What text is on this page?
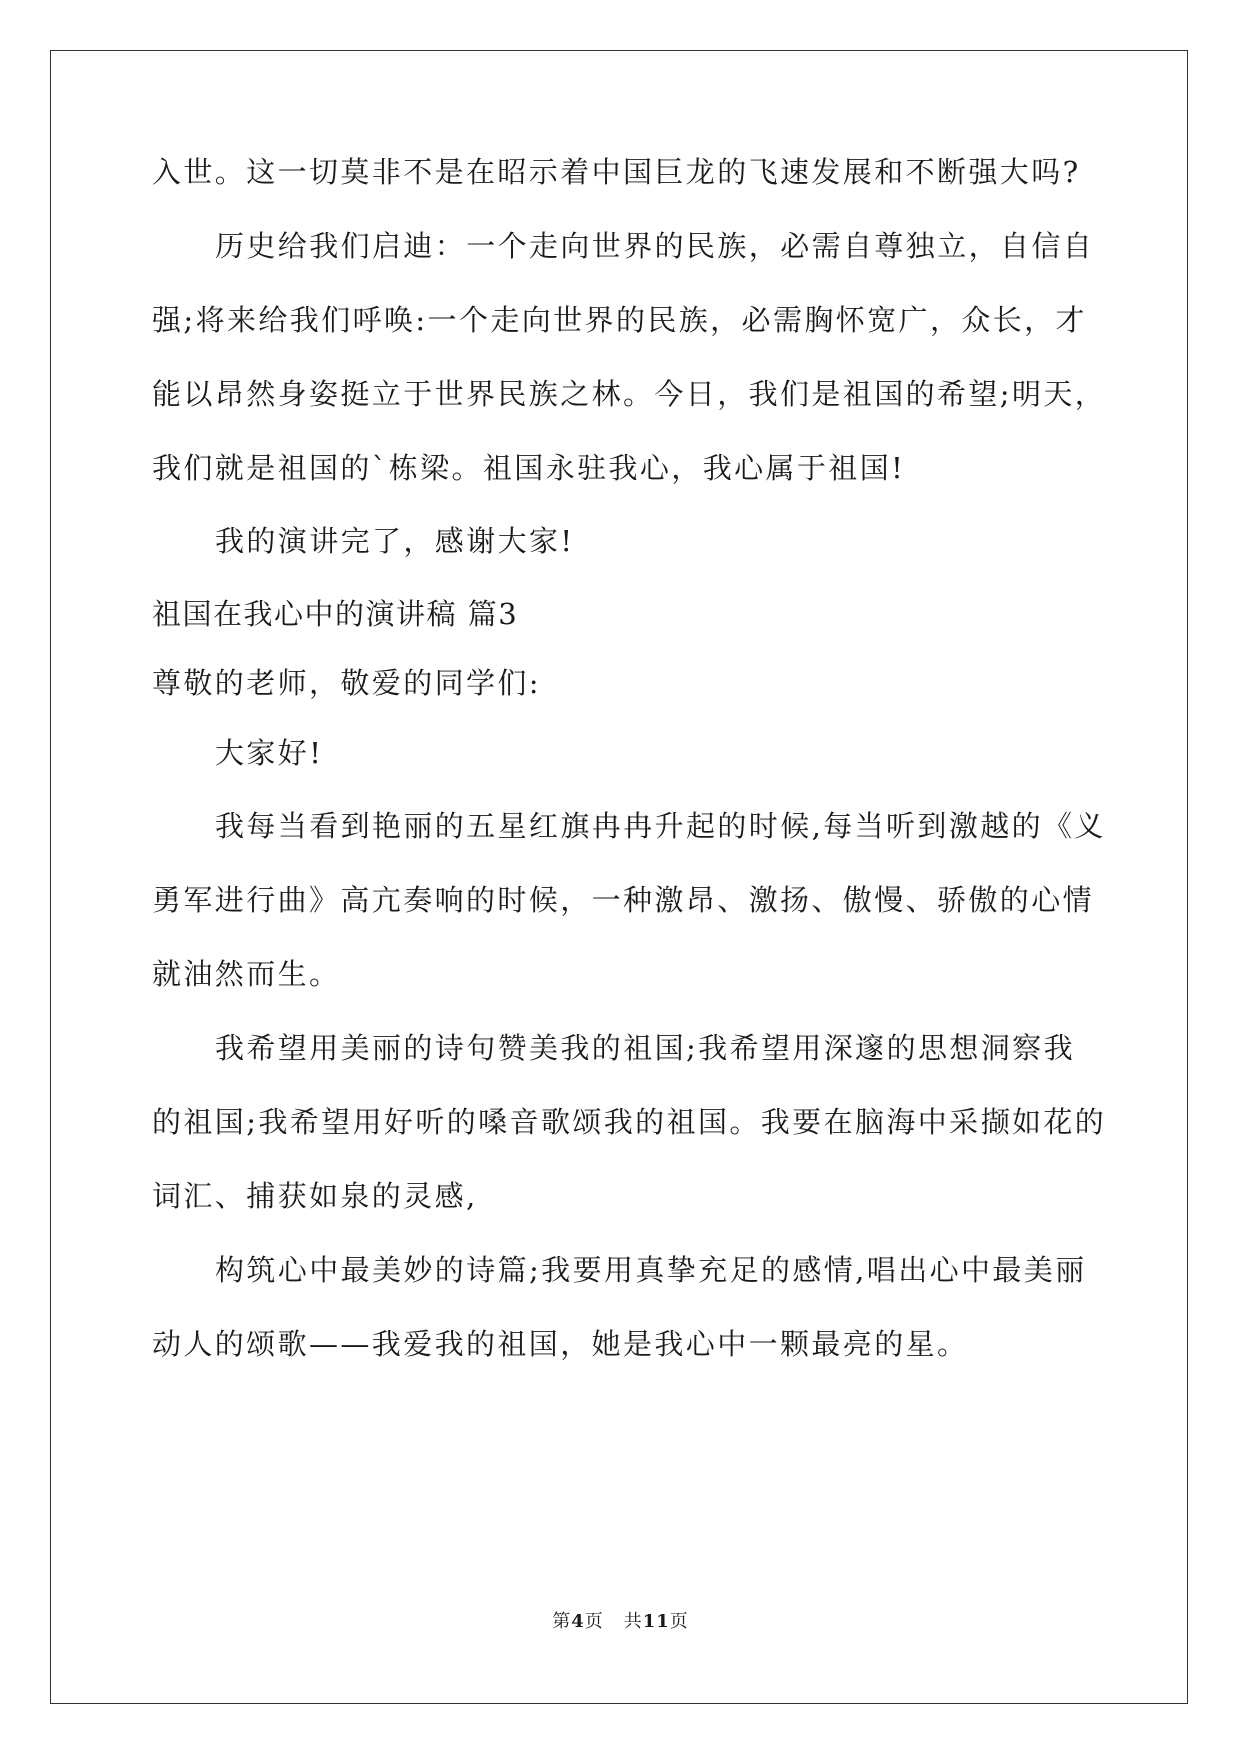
入世。这一切莫非不是在昭示着中国巨龙的飞速发展和不断强大吗?
历史给我们启迪：一个走向世界的民族，必需自尊独立，自信自
强;将来给我们呼唤:一个走向世界的民族，必需胸怀宽广，众长，才
能以昂然身姿挺立于世界民族之林。今日，我们是祖国的希望;明天，
我们就是祖国的`栋梁。祖国永驻我心，我心属于祖国!
我的演讲完了，感谢大家!
祖国在我心中的演讲稿 篇3
尊敬的老师，敬爱的同学们:
大家好!
我每当看到艳丽的五星红旗冉冉升起的时候,每当听到激越的《义
勇军进行曲》高亢奏响的时候，一种激昂、激扬、傲慢、骄傲的心情
就油然而生。
我希望用美丽的诗句赞美我的祖国;我希望用深邃的思想洞察我
的祖国;我希望用好听的嗓音歌颂我的祖国。我要在脑海中采撷如花的
词汇、捕获如泉的灵感,
构筑心中最美妙的诗篇;我要用真挚充足的感情,唱出心中最美丽
动人的颂歌——我爱我的祖国，她是我心中一颗最亮的星。
第4页 共11页
